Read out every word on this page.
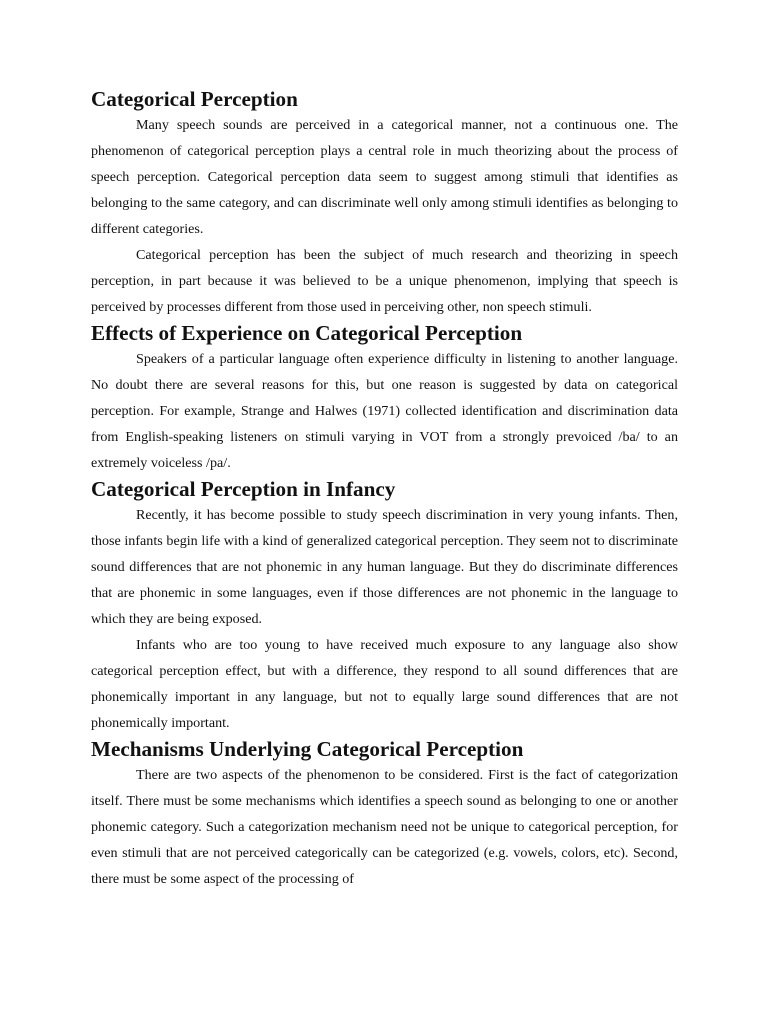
Categorical Perception

Many speech sounds are perceived in a categorical manner, not a continuous one. The phenomenon of categorical perception plays a central role in much theorizing about the process of speech perception. Categorical perception data seem to suggest among stimuli that identifies as belonging to the same category, and can discriminate well only among stimuli identifies as belonging to different categories.

Categorical perception has been the subject of much research and theorizing in speech perception, in part because it was believed to be a unique phenomenon, implying that speech is perceived by processes different from those used in perceiving other, non speech stimuli.

Effects of Experience on Categorical Perception

Speakers of a particular language often experience difficulty in listening to another language. No doubt there are several reasons for this, but one reason is suggested by data on categorical perception. For example, Strange and Halwes (1971) collected identification and discrimination data from English-speaking listeners on stimuli varying in VOT from a strongly prevoiced /ba/ to an extremely voiceless /pa/.

Categorical Perception in Infancy

Recently, it has become possible to study speech discrimination in very young infants. Then, those infants begin life with a kind of generalized categorical perception. They seem not to discriminate sound differences that are not phonemic in any human language. But they do discriminate differences that are phonemic in some languages, even if those differences are not phonemic in the language to which they are being exposed.

Infants who are too young to have received much exposure to any language also show categorical perception effect, but with a difference, they respond to all sound differences that are phonemically important in any language, but not to equally large sound differences that are not phonemically important.

Mechanisms Underlying Categorical Perception

There are two aspects of the phenomenon to be considered. First is the fact of categorization itself. There must be some mechanisms which identifies a speech sound as belonging to one or another phonemic category. Such a categorization mechanism need not be unique to categorical perception, for even stimuli that are not perceived categorically can be categorized (e.g. vowels, colors, etc). Second, there must be some aspect of the processing of
